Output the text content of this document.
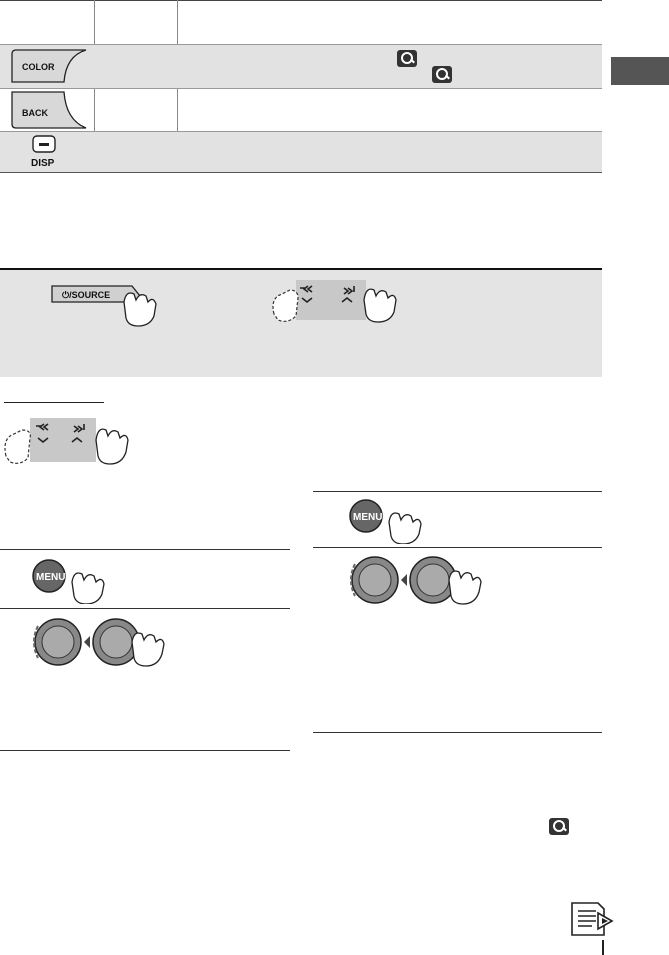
COLOR
BACK
DISP
⏻/SOURCE
MENU
MENU
